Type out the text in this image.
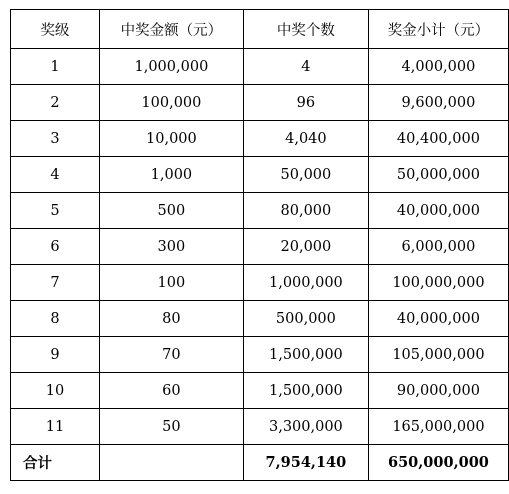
奖级	中奖金额（元）	中奖个数	奖金小计（元）
1	1,000,000	4	4,000,000
2	100,000	96	9,600,000
3	10,000	4,040	40,400,000
4	1,000	50,000	50,000,000
5	500	80,000	40,000,000
6	300	20,000	6,000,000
7	100	1,000,000	100,000,000
8	80	500,000	40,000,000
9	70	1,500,000	105,000,000
10	60	1,500,000	90,000,000
11	50	3,300,000	165,000,000
合计		7,954,140	650,000,000
